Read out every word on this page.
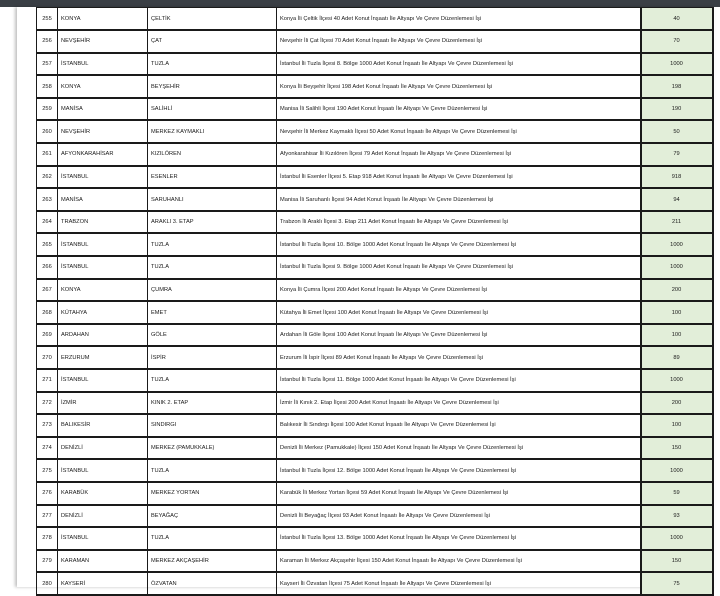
255	KONYA	ÇELTİK	Konya İli Çeltik İlçesi 40 Adet Konut İnşaatı İle Altyapı Ve Çevre Düzenlemesi İşi	40
256	NEVŞEHİR	ÇAT	Nevşehir İli Çat İlçesi 70 Adet Konut İnşaatı İle Altyapı Ve Çevre Düzenlemesi İşi	70
257	İSTANBUL	TUZLA	İstanbul İli Tuzla İlçesi 8. Bölge 1000 Adet Konut İnşaatı İle Altyapı Ve Çevre Düzenlemesi İşi	1000
258	KONYA	BEYŞEHİR	Konya İli Beyşehir İlçesi 198 Adet Konut İnşaatı İle Altyapı Ve Çevre Düzenlemesi İşi	198
259	MANİSA	SALİHLİ	Manisa İli Salihli İlçesi 190 Adet Konut İnşaatı İle Altyapı Ve Çevre Düzenlemesi İşi	190
260	NEVŞEHİR	MERKEZ KAYMAKLI	Nevşehir İli Merkez Kaymaklı İlçesi 50 Adet Konut İnşaatı İle Altyapı Ve Çevre Düzenlemesi İşi	50
261	AFYONKARAHİSAR	KIZILÖREN	Afyonkarahisar İli Kızılören İlçesi 79 Adet Konut İnşaatı İle Altyapı Ve Çevre Düzenlemesi İşi	79
262	İSTANBUL	ESENLER	İstanbul İli Esenler İlçesi 5. Etap 918 Adet Konut İnşaatı İle Altyapı Ve Çevre Düzenlemesi İşi	918
263	MANİSA	SARUHANLI	Manisa İli Saruhanlı İlçesi 94 Adet Konut İnşaatı İle Altyapı Ve Çevre Düzenlemesi İşi	94
264	TRABZON	ARAKLI 3. ETAP	Trabzon İli Araklı İlçesi 3. Etap 211 Adet Konut İnşaatı İle Altyapı Ve Çevre Düzenlemesi İşi	211
265	İSTANBUL	TUZLA	İstanbul İli Tuzla İlçesi 10. Bölge 1000 Adet Konut İnşaatı İle Altyapı Ve Çevre Düzenlemesi İşi	1000
266	İSTANBUL	TUZLA	İstanbul İli Tuzla İlçesi 9. Bölge 1000 Adet Konut İnşaatı İle Altyapı Ve Çevre Düzenlemesi İşi	1000
267	KONYA	ÇUMRA	Konya İli Çumra İlçesi 200 Adet Konut İnşaatı İle Altyapı Ve Çevre Düzenlemesi İşi	200
268	KÜTAHYA	EMET	Kütahya İli Emet İlçesi 100 Adet Konut İnşaatı İle Altyapı Ve Çevre Düzenlemesi İşi	100
269	ARDAHAN	GÖLE	Ardahan İli Göle İlçesi 100 Adet Konut İnşaatı İle Altyapı Ve Çevre Düzenlemesi İşi	100
270	ERZURUM	İSPİR	Erzurum İli İspir İlçesi 89 Adet Konut İnşaatı İle Altyapı Ve Çevre Düzenlemesi İşi	89
271	İSTANBUL	TUZLA	İstanbul İli Tuzla İlçesi 11. Bölge 1000 Adet Konut İnşaatı İle Altyapı Ve Çevre Düzenlemesi İşi	1000
272	İZMİR	KINIK 2. ETAP	İzmir İli Kınık 2. Etap İlçesi 200 Adet Konut İnşaatı İle Altyapı Ve Çevre Düzenlemesi İşi	200
273	BALIKESİR	SINDIRGI	Balıkesir İli Sındırgı İlçesi 100 Adet Konut İnşaatı İle Altyapı Ve Çevre Düzenlemesi İşi	100
274	DENİZLİ	MERKEZ (PAMUKKALE)	Denizli İli Merkez (Pamukkale) İlçesi 150 Adet Konut İnşaatı İle Altyapı Ve Çevre Düzenlemesi İşi	150
275	İSTANBUL	TUZLA	İstanbul İli Tuzla İlçesi 12. Bölge 1000 Adet Konut İnşaatı İle Altyapı Ve Çevre Düzenlemesi İşi	1000
276	KARABÜK	MERKEZ YORTAN	Karabük İli Merkez Yortan İlçesi 59 Adet Konut İnşaatı İle Altyapı Ve Çevre Düzenlemesi İşi	59
277	DENİZLİ	BEYAĞAÇ	Denizli İli Beyağaç İlçesi 93 Adet Konut İnşaatı İle Altyapı Ve Çevre Düzenlemesi İşi	93
278	İSTANBUL	TUZLA	İstanbul İli Tuzla İlçesi 13. Bölge 1000 Adet Konut İnşaatı İle Altyapı Ve Çevre Düzenlemesi İşi	1000
279	KARAMAN	MERKEZ AKÇAŞEHİR	Karaman İli Merkez Akçaşehir İlçesi 150 Adet Konut İnşaatı İle Altyapı Ve Çevre Düzenlemesi İşi	150
280	KAYSERİ	ÖZVATAN	Kayseri İli Özvatan İlçesi 75 Adet Konut İnşaatı İle Altyapı Ve Çevre Düzenlemesi İşi	75
